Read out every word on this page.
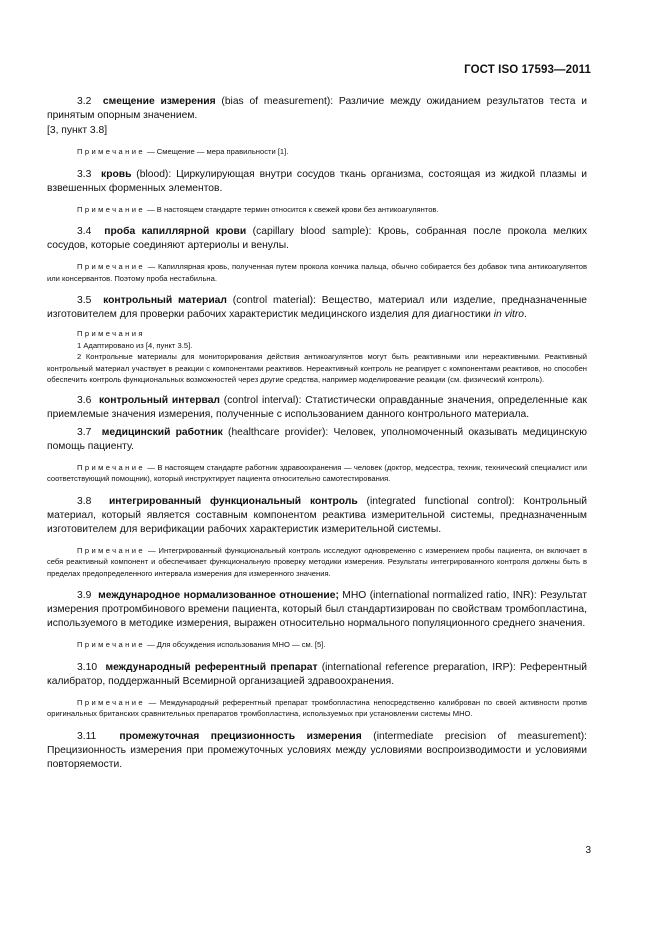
ГОСТ ISO 17593—2011

3.2 смещение измерения (bias of measurement): Различие между ожиданием результатов теста и принятым опорным значением.

[3, пункт 3.8]

Примечание — Смещение — мера правильности [1].

3.3 кровь (blood): Циркулирующая внутри сосудов ткань организма, состоящая из жидкой плазмы и взвешенных форменных элементов.

Примечание — В настоящем стандарте термин относится к свежей крови без антикоагулянтов.

3.4 проба капиллярной крови (capillary blood sample): Кровь, собранная после прокола мелких сосудов, которые соединяют артериолы и венулы.

Примечание — Капиллярная кровь, полученная путем прокола кончика пальца, обычно собирается без добавок типа антикоагулянтов или консервантов. Поэтому проба нестабильна.

3.5 контрольный материал (control material): Вещество, материал или изделие, предназначенные изготовителем для проверки рабочих характеристик медицинского изделия для диагностики in vitro.

Примечания

1 Адаптировано из [4, пункт 3.5].

2 Контрольные материалы для мониторирования действия антикоагулянтов могут быть реактивными или нереактивными. Реактивный контрольный материал участвует в реакции с компонентами реактивов. Нереактивный контроль не реагирует с компонентами реактивов, но способен обеспечить контроль функциональных возможностей через другие средства, например моделирование реакции (см. физический контроль).

3.6 контрольный интервал (control interval): Статистически оправданные значения, определенные как приемлемые значения измерения, полученные с использованием данного контрольного материала.

3.7 медицинский работник (healthcare provider): Человек, уполномоченный оказывать медицинскую помощь пациенту.

Примечание — В настоящем стандарте работник здравоохранения — человек (доктор, медсестра, техник, технический специалист или соответствующий помощник), который инструктирует пациента относительно самотестирования.

3.8 интегрированный функциональный контроль (integrated functional control): Контрольный материал, который является составным компонентом реактива измерительной системы, предназначенным изготовителем для верификации рабочих характеристик измерительной системы.

Примечание — Интегрированный функциональный контроль исследуют одновременно с измерением пробы пациента, он включает в себя реактивный компонент и обеспечивает функциональную проверку методики измерения. Результаты интегрированного контроля должны быть в пределах предопределенного интервала измерения для измеренного значения.

3.9 международное нормализованное отношение; МНО (international normalized ratio, INR): Результат измерения протромбинового времени пациента, который был стандартизирован по свойствам тромбопластина, используемого в методике измерения, выражен относительно нормального популяционного среднего значения.

Примечание — Для обсуждения использования МНО — см. [5].

3.10 международный референтный препарат (international reference preparation, IRP): Референтный калибратор, поддержанный Всемирной организацией здравоохранения.

Примечание — Международный референтный препарат тромбопластина непосредственно калиброван по своей активности против оригинальных британских сравнительных препаратов тромбопластина, используемых при установлении системы МНО.

3.11 промежуточная прецизионность измерения (intermediate precision of measurement): Прецизионность измерения при промежуточных условиях между условиями воспроизводимости и условиями повторяемости.

3
